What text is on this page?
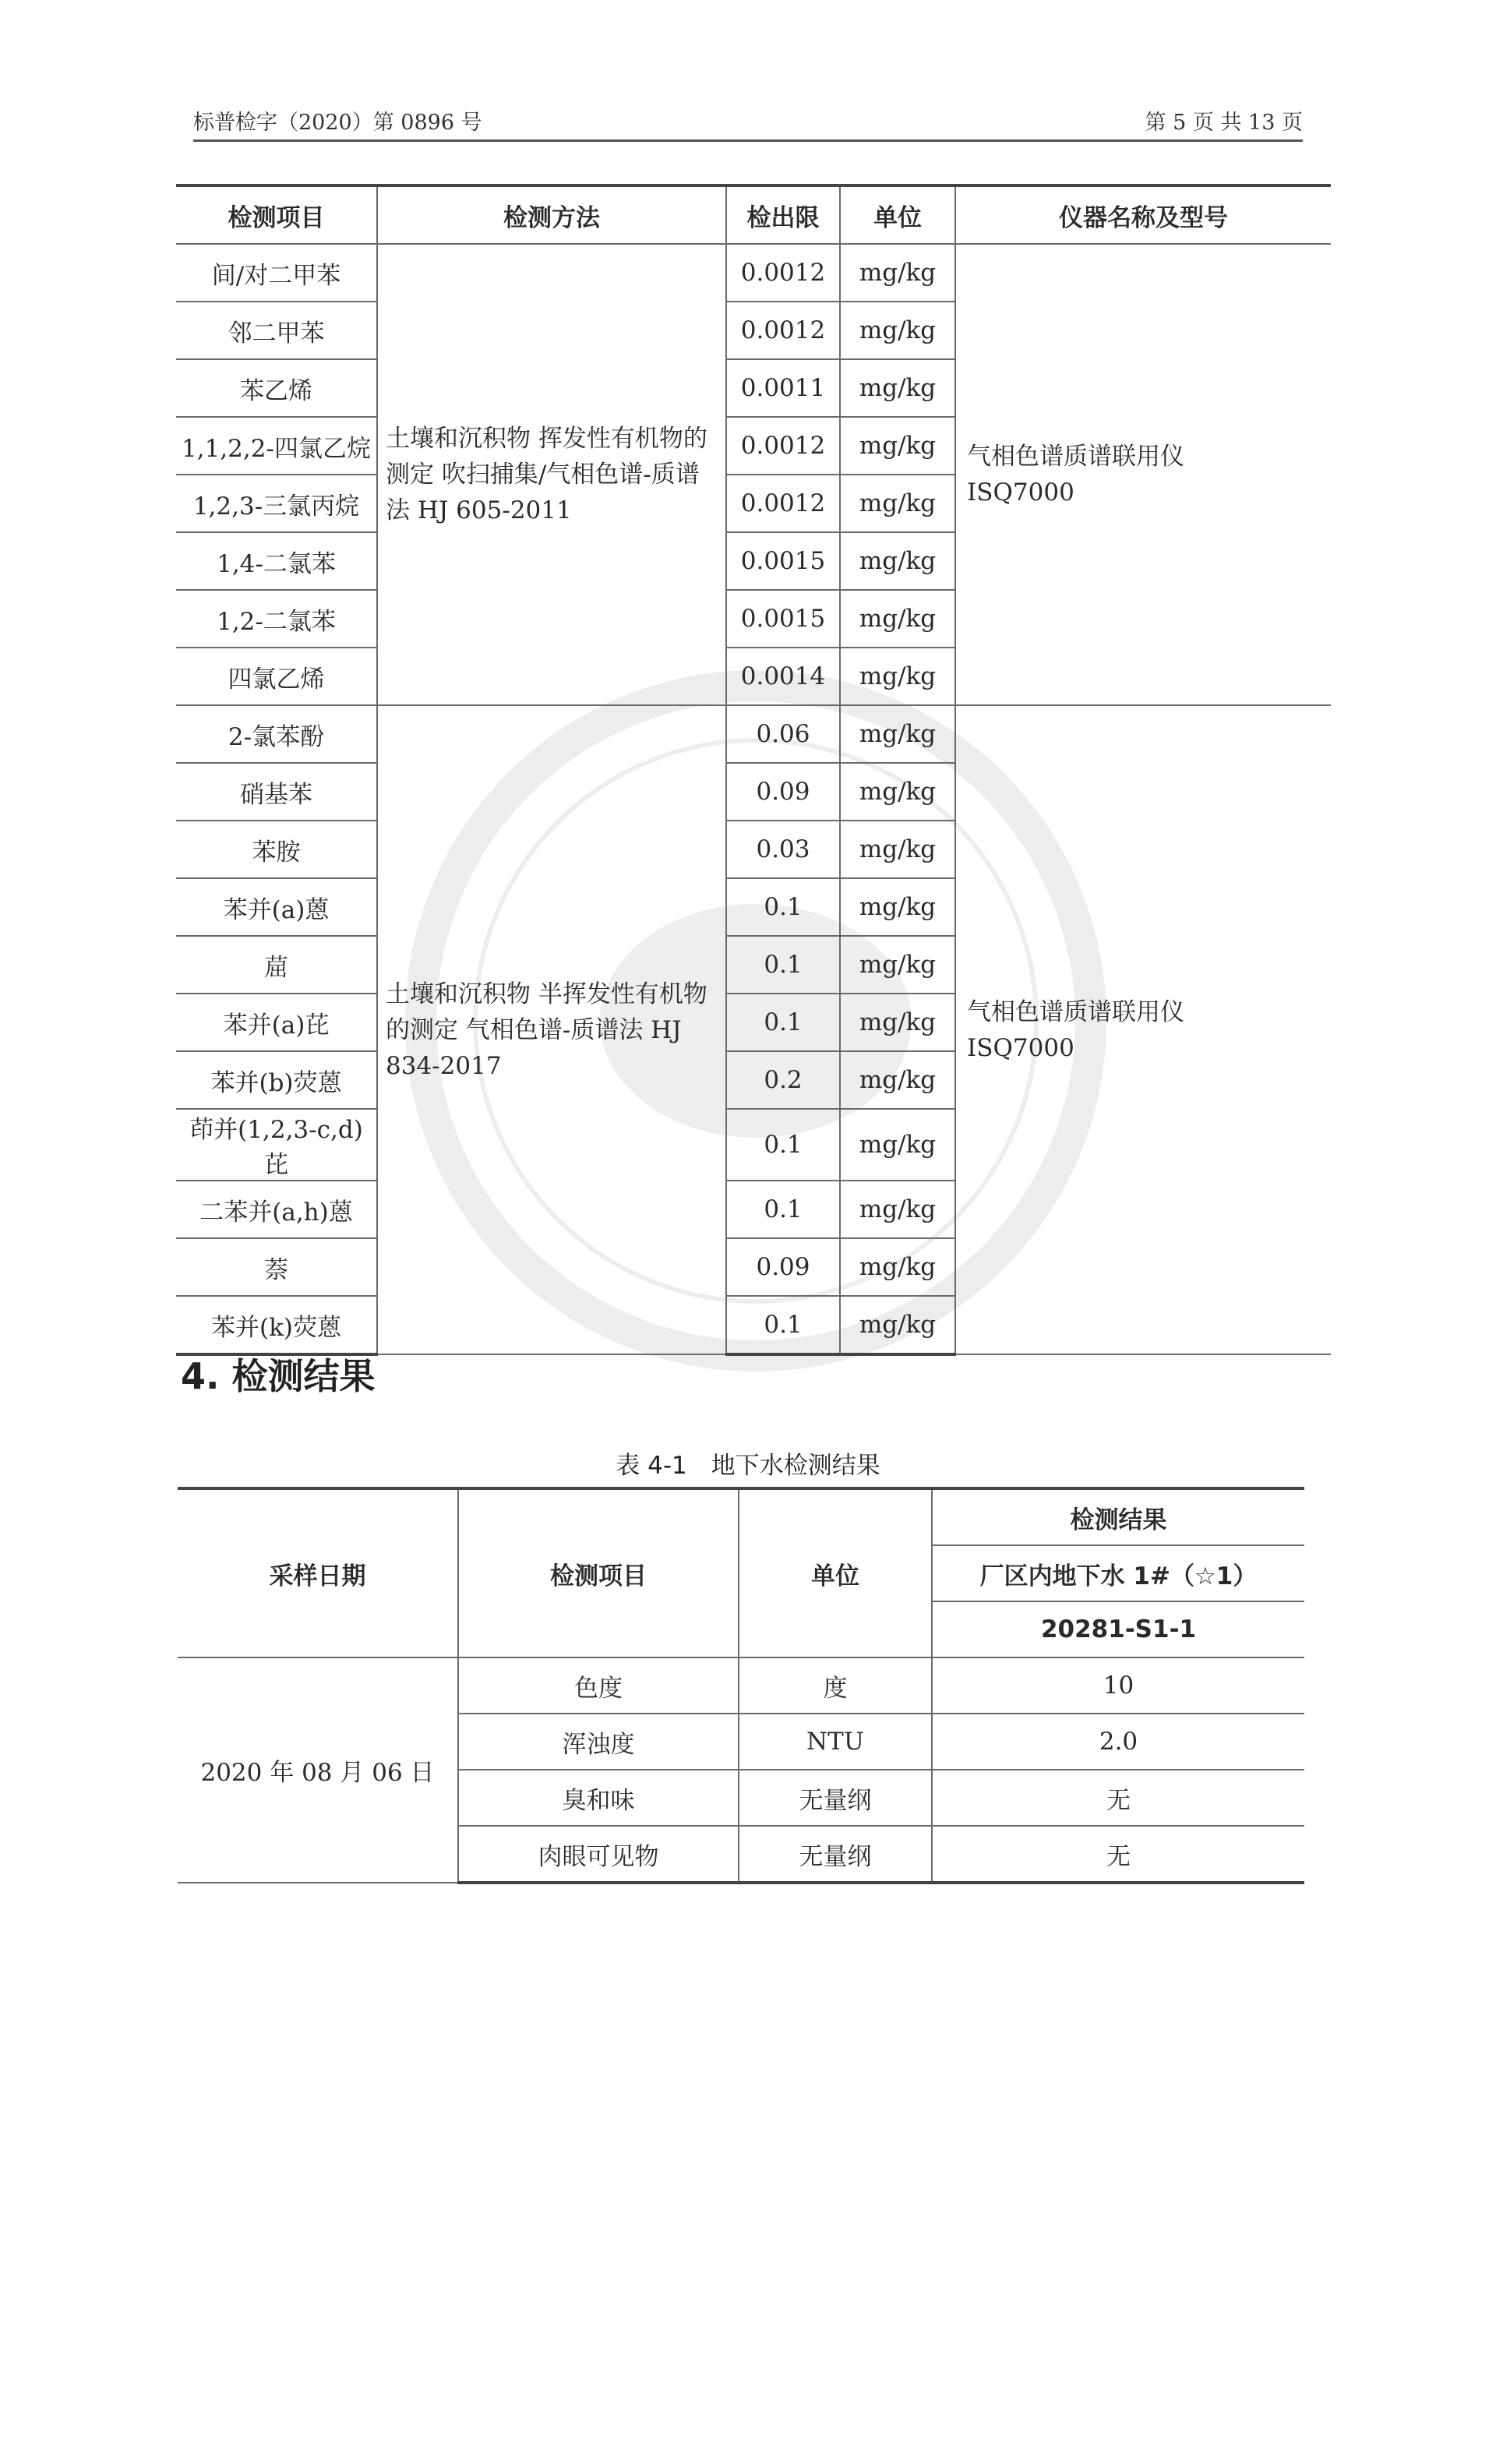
标普检字（2020）第 0896 号	第 5 页 共 13 页
检测项目	检测方法	检出限	单位	仪器名称及型号
间/对二甲苯	土壤和沉积物 挥发性有机物的测定 吹扫捕集/气相色谱-质谱法 HJ 605-2011	0.0012	mg/kg	气相色谱质谱联用仪
ISQ7000

邻二甲苯		0.0012	mg/kg	
苯乙烯		0.0011	mg/kg	
1,1,2,2-四氯乙烷		0.0012	mg/kg	
1,2,3-三氯丙烷		0.0012	mg/kg	
1,4-二氯苯		0.0015	mg/kg	
1,2-二氯苯		0.0015	mg/kg	
四氯乙烯		0.0014	mg/kg	
2-氯苯酚	土壤和沉积物 半挥发性有机物的测定 气相色谱-质谱法 HJ 834-2017	0.06	mg/kg	气相色谱质谱联用仪
ISQ7000

硝基苯		0.09	mg/kg	
苯胺		0.03	mg/kg	
苯并(a)蒽		0.1	mg/kg	
䓛		0.1	mg/kg	
苯并(a)芘		0.1	mg/kg	
苯并(b)荧蒽		0.2	mg/kg	
茚并(1,2,3-c,d)芘		0.1	mg/kg	
二苯并(a,h)蒽		0.1	mg/kg	
萘		0.09	mg/kg	
苯并(k)荧蒽		0.1	mg/kg	
4. 检测结果
表 4-1　地下水检测结果
采样日期	检测项目	单位	检测结果
			厂区内地下水 1#（☆1）
			20281-S1-1
2020 年 08 月 06 日	色度	度	10
	浑浊度	NTU	2.0
	臭和味	无量纲	无
	肉眼可见物	无量纲	无
